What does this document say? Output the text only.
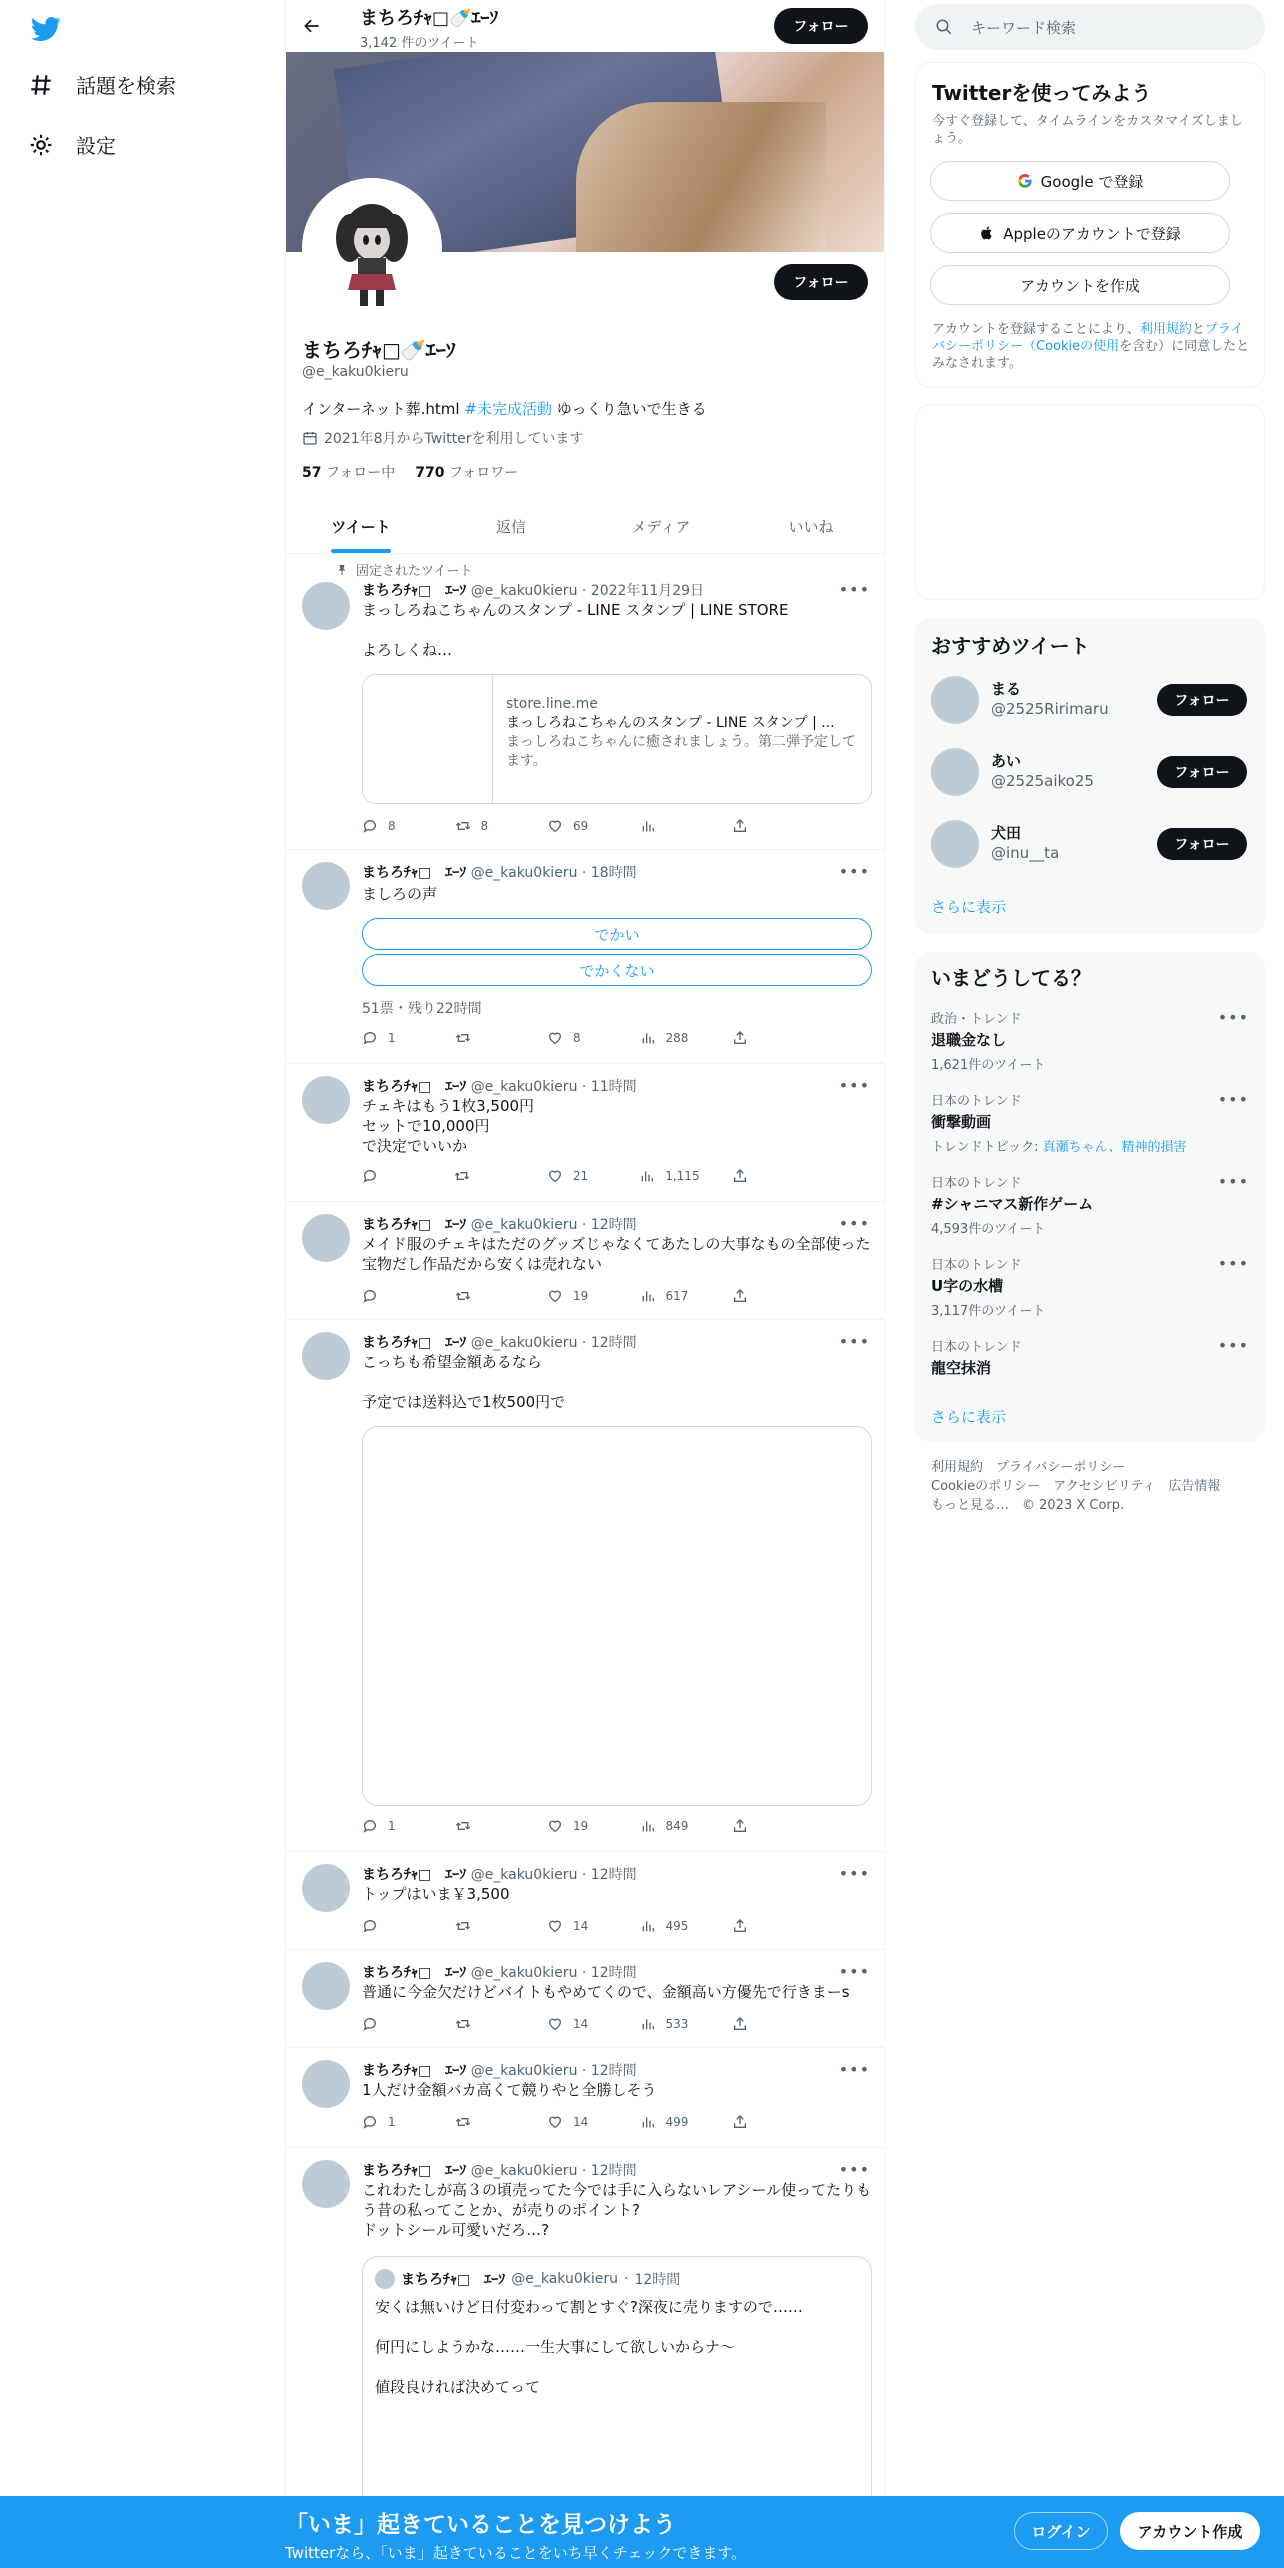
話題を検索
設定
まちろﾁｬ□🍼ｴｰｿ
3,142 件のツイート
フォロー
フォロー
まちろﾁｬ□🍼ｴｰｿ
@e_kaku0kieru
インターネット葬.html #未完成活動 ゆっくり急いで生きる
2021年8月からTwitterを利用しています
57 フォロー中 770 フォロワー
ツイート	返信	メディア	いいね
固定されたツイート
まちろﾁｬ□　ｴｰｿ @e_kaku0kieru · 2022年11月29日	•••
まっしろねこちゃんのスタンプ - LINE スタンプ | LINE STORE

よろしくね…
store.line.me
まっしろねこちゃんのスタンプ - LINE スタンプ | ...
まっしろねこちゃんに癒されましょう。第二弾予定してます。
8	8	69
まちろﾁｬ□　ｴｰｿ @e_kaku0kieru · 18時間	•••
ましろの声
でかい
でかくない
51票・残り22時間
1	8	288
まちろﾁｬ□　ｴｰｿ @e_kaku0kieru · 11時間	•••
チェキはもう1枚3,500円
セットで10,000円
で決定でいいか
21	1,115
まちろﾁｬ□　ｴｰｿ @e_kaku0kieru · 12時間	•••
メイド服のチェキはただのグッズじゃなくてあたしの大事なもの全部使った宝物だし作品だから安くは売れない
19	617
まちろﾁｬ□　ｴｰｿ @e_kaku0kieru · 12時間	•••
こっちも希望金額あるなら

予定では送料込で1枚500円で
1	19	849
まちろﾁｬ□　ｴｰｿ @e_kaku0kieru · 12時間	•••
トップはいま￥3,500
14	495
まちろﾁｬ□　ｴｰｿ @e_kaku0kieru · 12時間	•••
普通に今金欠だけどバイトもやめてくので、金額高い方優先で行きまーs
14	533
まちろﾁｬ□　ｴｰｿ @e_kaku0kieru · 12時間	•••
1人だけ金額バカ高くて競りやと全勝しそう
1	14	499
まちろﾁｬ□　ｴｰｿ @e_kaku0kieru · 12時間	•••
これわたしが高３の頃売ってた今では手に入らないレアシール使ってたりもう昔の私ってことか、が売りのポイント?
ドットシール可愛いだろ…?
まちろﾁｬ□　ｴｰｿ @e_kaku0kieru · 12時間
安くは無いけど日付変わって割とすぐ?深夜に売りますので……

何円にしようかな……一生大事にして欲しいからナ〜

値段良ければ決めてって
キーワード検索
Twitterを使ってみよう
今すぐ登録して、タイムラインをカスタマイズしましょう。
Google で登録
Appleのアカウントで登録
アカウントを作成
アカウントを登録することにより、利用規約とプライバシーポリシー（Cookieの使用を含む）に同意したとみなされます。
おすすめツイート
まる
@2525Ririmaru	フォロー
あい
@2525aiko25	フォロー
犬田
@inu__ta	フォロー
さらに表示
いまどうしてる？
政治・トレンド
退職金なし
1,621件のツイート
•••
日本のトレンド
衝撃動画
トレンドトピック: 真瀬ちゃん、精神的損害
•••
日本のトレンド
#シャニマス新作ゲーム
4,593件のツイート
•••
日本のトレンド
U字の水槽
3,117件のツイート
•••
日本のトレンド
龍空抹消
•••
さらに表示
利用規約　プライバシーポリシー
Cookieのポリシー　アクセシビリティ　広告情報
もっと見る…　© 2023 X Corp.
「いま」起きていることを見つけよう
Twitterなら、「いま」起きていることをいち早くチェックできます。
ログイン	アカウント作成
